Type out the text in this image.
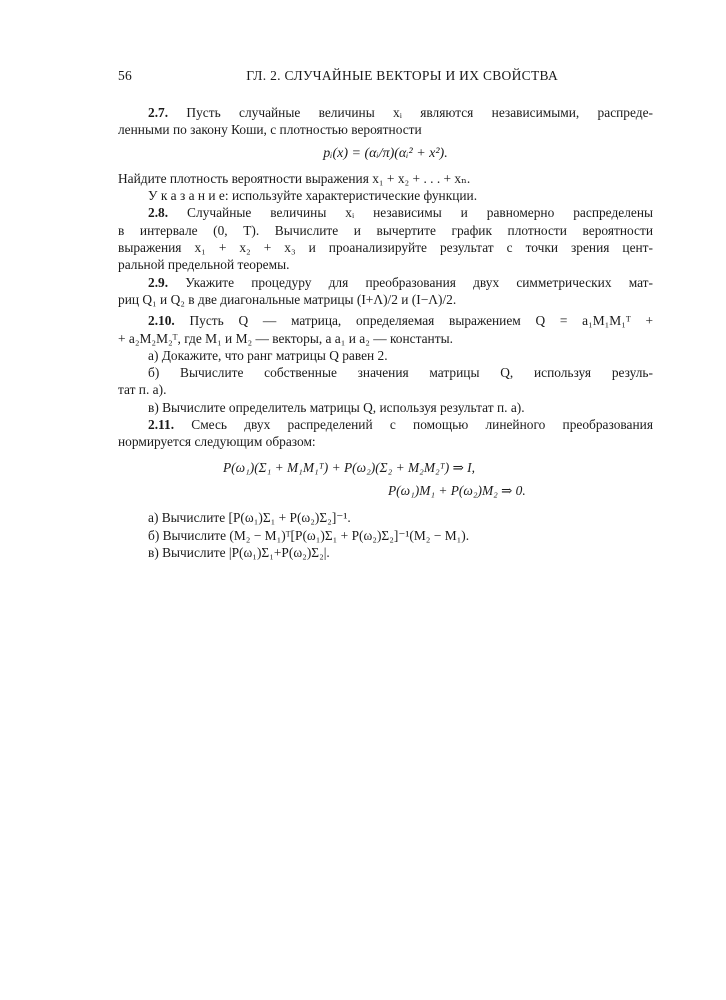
56	ГЛ. 2. СЛУЧАЙНЫЕ ВЕКТОРЫ И ИХ СВОЙСТВА
2.7. Пусть случайные величины xᵢ являются независимыми, распреде-
ленными по закону Коши, с плотностью вероятности
pᵢ(x) = (αᵢ/π)(αᵢ² + x²).
Найдите плотность вероятности выражения x₁ + x₂ + . . . + xₙ.
У к а з а н и е: используйте характеристические функции.
2.8. Случайные величины xᵢ независимы и равномерно распределены
в интервале (0, T). Вычислите и вычертите график плотности вероятности
выражения x₁ + x₂ + x₃ и проанализируйте результат с точки зрения цент-
ральной предельной теоремы.
2.9. Укажите процедуру для преобразования двух симметрических мат-
риц Q₁ и Q₂ в две диагональные матрицы (I+Λ)/2 и (I−Λ)/2.
2.10. Пусть Q — матрица, определяемая выражением Q = a₁M₁M₁ᵀ +
+ a₂M₂M₂ᵀ, где M₁ и M₂ — векторы, а a₁ и a₂ — константы.
а) Докажите, что ранг матрицы Q равен 2.
б) Вычислите собственные значения матрицы Q, используя резуль-
тат п. а).
в) Вычислите определитель матрицы Q, используя результат п. а).
2.11. Смесь двух распределений с помощью линейного преобразования
нормируется следующим образом:
P(ω₁)(Σ₁ + M₁M₁ᵀ) + P(ω₂)(Σ₂ + M₂M₂ᵀ) ⇒ I,
P(ω₁)M₁ + P(ω₂)M₂ ⇒ 0.
а) Вычислите [P(ω₁)Σ₁ + P(ω₂)Σ₂]⁻¹.
б) Вычислите (M₂ − M₁)ᵀ[P(ω₁)Σ₁ + P(ω₂)Σ₂]⁻¹(M₂ − M₁).
в) Вычислите |P(ω₁)Σ₁+P(ω₂)Σ₂|.
